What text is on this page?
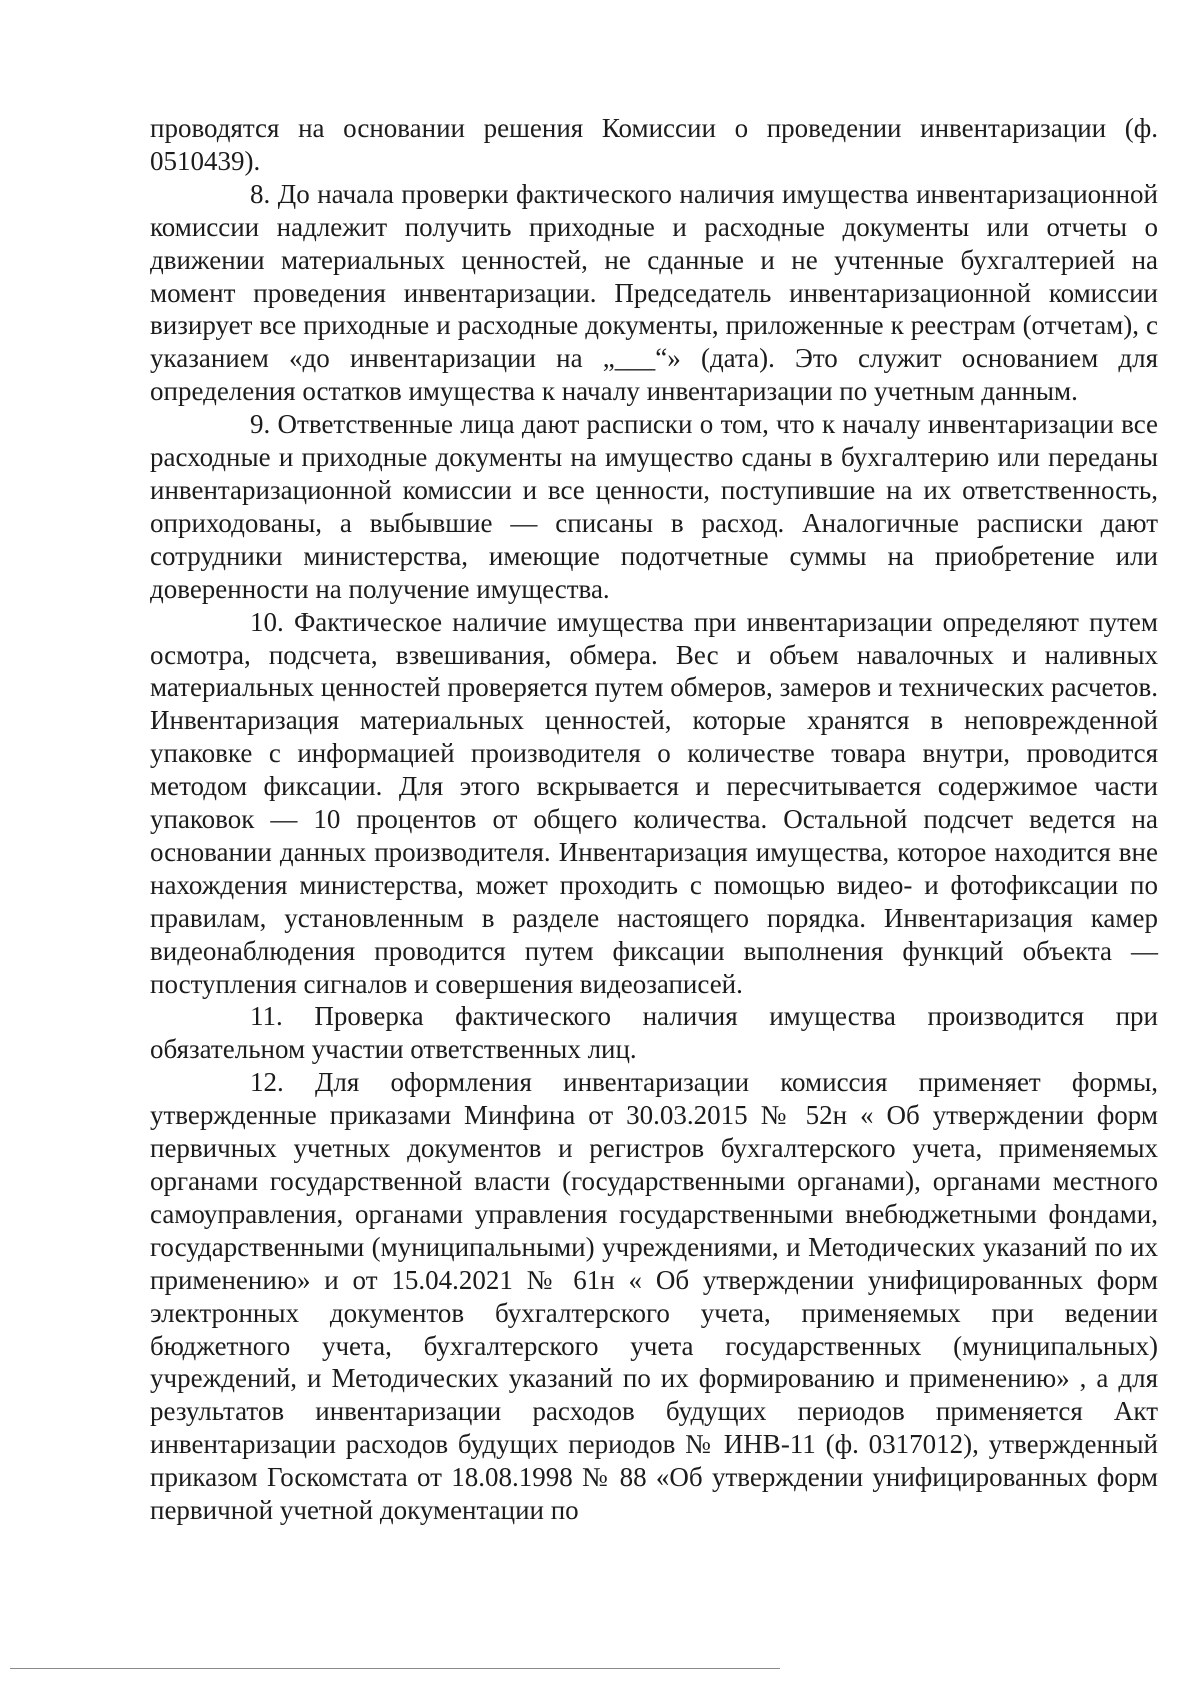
проводятся на основании решения Комиссии о проведении инвентаризации (ф. 0510439).

8. До начала проверки фактического наличия имущества инвентаризационной комиссии надлежит получить приходные и расходные документы или отчеты о движении материальных ценностей, не сданные и не учтенные бухгалтерией на момент проведения инвентаризации. Председатель инвентаризационной комиссии визирует все приходные и расходные документы, приложенные к реестрам (отчетам), с указанием «до инвентаризации на „___“» (дата). Это служит основанием для определения остатков имущества к началу инвентаризации по учетным данным.

9. Ответственные лица дают расписки о том, что к началу инвентаризации все расходные и приходные документы на имущество сданы в бухгалтерию или переданы инвентаризационной комиссии и все ценности, поступившие на их ответственность, оприходованы, а выбывшие — списаны в расход. Аналогичные расписки дают сотрудники министерства, имеющие подотчетные суммы на приобретение или доверенности на получение имущества.

10. Фактическое наличие имущества при инвентаризации определяют путем осмотра, подсчета, взвешивания, обмера. Вес и объем навалочных и наливных материальных ценностей проверяется путем обмеров, замеров и технических расчетов. Инвентаризация материальных ценностей, которые хранятся в неповрежденной упаковке с информацией производителя о количестве товара внутри, проводится методом фиксации. Для этого вскрывается и пересчитывается содержимое части упаковок — 10 процентов от общего количества. Остальной подсчет ведется на основании данных производителя. Инвентаризация имущества, которое находится вне нахождения министерства, может проходить с помощью видео- и фотофиксации по правилам, установленным в разделе настоящего порядка. Инвентаризация камер видеонаблюдения проводится путем фиксации выполнения функций объекта — поступления сигналов и совершения видеозаписей.

11. Проверка фактического наличия имущества производится при обязательном участии ответственных лиц.

12. Для оформления инвентаризации комиссия применяет формы, утвержденные приказами Минфина от 30.03.2015 № 52н « Об утверждении форм первичных учетных документов и регистров бухгалтерского учета, применяемых органами государственной власти (государственными органами), органами местного самоуправления, органами управления государственными внебюджетными фондами, государственными (муниципальными) учреждениями, и Методических указаний по их применению» и от 15.04.2021 № 61н « Об утверждении унифицированных форм электронных документов бухгалтерского учета, применяемых при ведении бюджетного учета, бухгалтерского учета государственных (муниципальных) учреждений, и Методических указаний по их формированию и применению» , а для результатов инвентаризации расходов будущих периодов применяется Акт инвентаризации расходов будущих периодов № ИНВ-11 (ф. 0317012), утвержденный приказом Госкомстата от 18.08.1998 № 88 «Об утверждении унифицированных форм первичной учетной документации по
